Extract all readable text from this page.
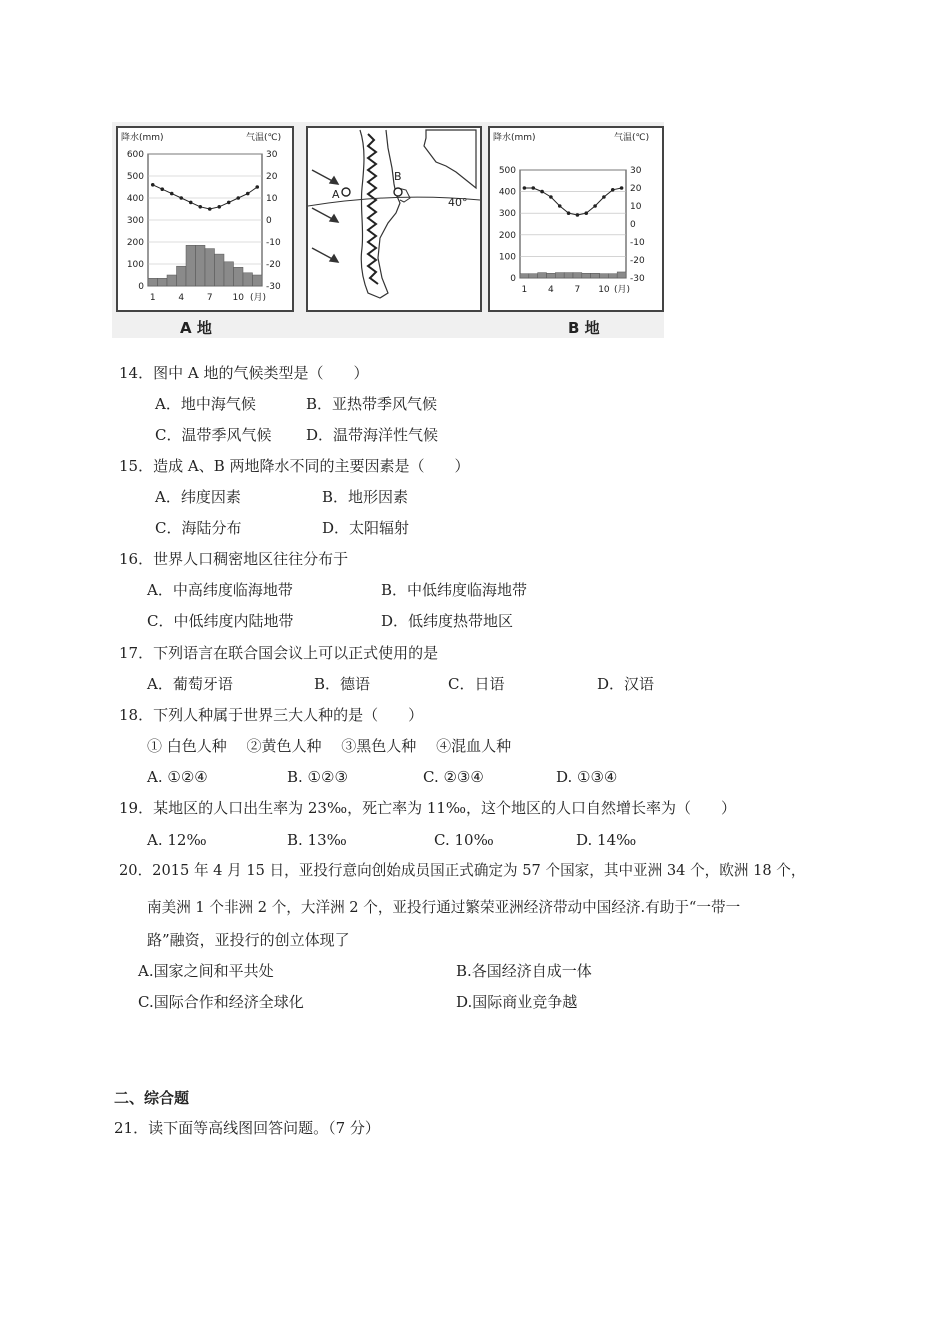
降水(mm)	气温(℃)
600
500
400
300
200
100
0
30
20
10
0
-10
-20
-30
1	4	7 10 (月)
A
B
40°
降水(mm)	气温(℃)
500
400
300
200
100
0
30
20
10
0
-10
-20
-30
1 4 7 10 (月)
A 地	B 地
14．图中 A 地的气候类型是（　　）
A．地中海气候	B．亚热带季风气候
C．温带季风气候 D．温带海洋性气候
15．造成 A、B 两地降水不同的主要因素是（　　）
A．纬度因素	B．地形因素
C．海陆分布	D．太阳辐射
16．世界人口稠密地区往往分布于
A．中高纬度临海地带	B．中低纬度临海地带
C．中低纬度内陆地带	D．低纬度热带地区
17．下列语言在联合国会议上可以正式使用的是
A．葡萄牙语	B．德语	C．日语	D．汉语
18．下列人种属于世界三大人种的是（　　）
① 白色人种　 ②黄色人种　 ③黑色人种　 ④混血人种
A. ①②④	B. ①②③	C. ②③④	D. ①③④
19．某地区的人口出生率为 23‰，死亡率为 11‰，这个地区的人口自然增长率为（　　）
A. 12‰	B. 13‰	C. 10‰	D. 14‰
20．2015 年 4 月 15 日，亚投行意向创始成员国正式确定为 57 个国家，其中亚洲 34 个，欧洲 18 个，
南美洲 1 个非洲 2 个，大洋洲 2 个，亚投行通过繁荣亚洲经济带动中国经济.有助于“一带一
路”融资，亚投行的创立体现了
A.国家之间和平共处	B.各国经济自成一体
C.国际合作和经济全球化	D.国际商业竞争越
二、综合题
21．读下面等高线图回答问题。（7 分）
